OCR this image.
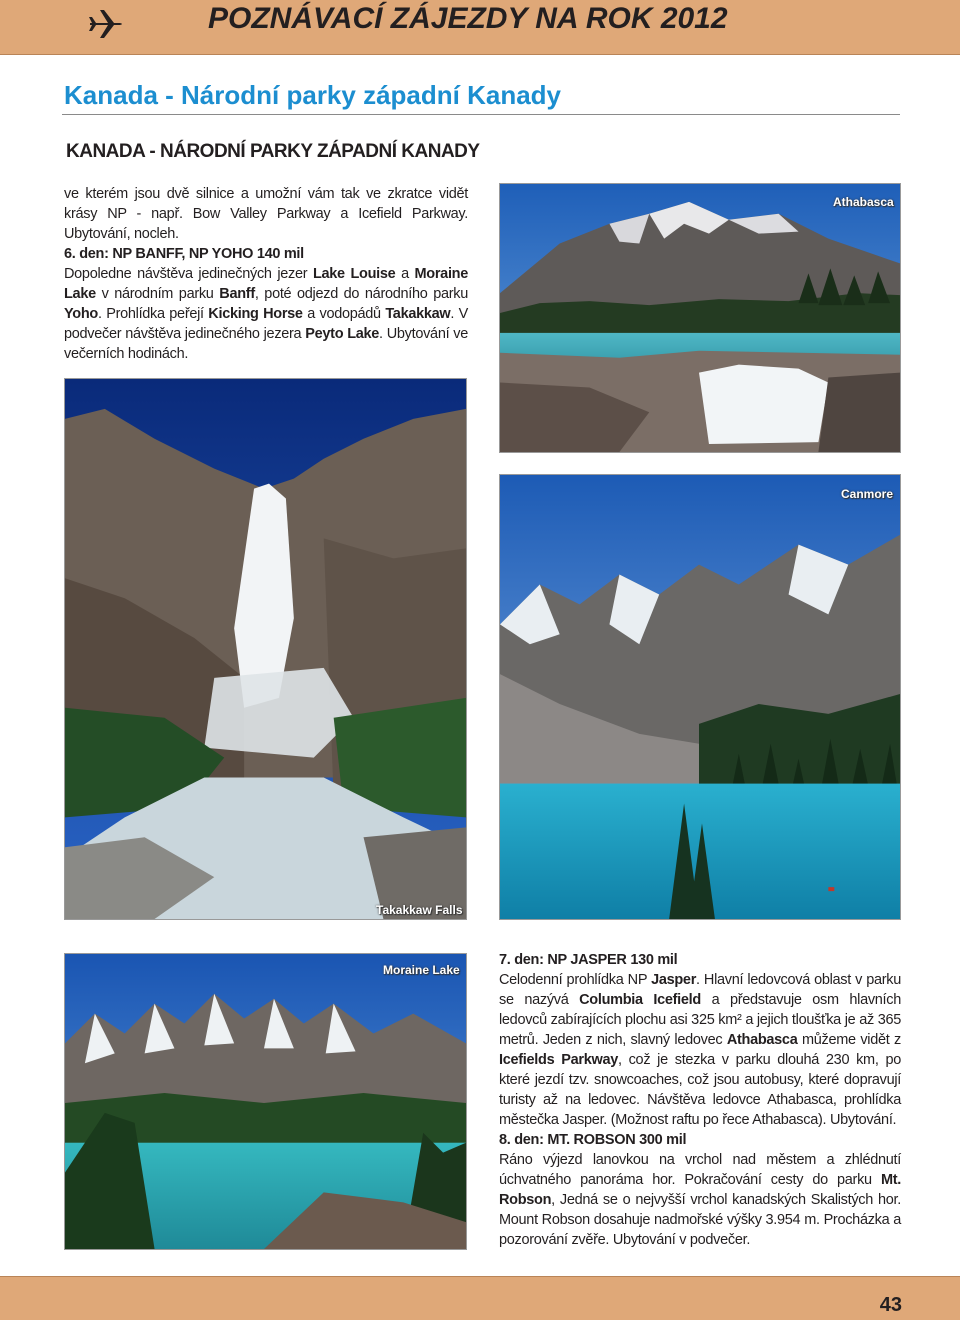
POZNÁVACÍ ZÁJEZDY NA ROK 2012
Kanada - Národní parky západní Kanady
KANADA - NÁRODNÍ PARKY ZÁPADNÍ KANADY

ve kterém jsou dvě silnice a umožní vám tak ve zkratce vidět krásy NP - např. Bow Valley Parkway a Icefield Parkway. Ubytování, nocleh.

6. den: NP BANFF, NP YOHO 140 mil

Dopoledne návštěva jedinečných jezer Lake Louise a Moraine Lake v národním parku Banff, poté odjezd do národního parku Yoho. Prohlídka peřejí Kicking Horse a vodopádů Takakkaw. V podvečer návštěva jedinečného jezera Peyto Lake. Ubytování ve večerních hodinách.

Athabasca
Canmore
Takakkaw Falls
Moraine Lake

7. den: NP JASPER 130 mil

Celodenní prohlídka NP Jasper. Hlavní ledovcová oblast v parku se nazývá Columbia Icefield a představuje osm hlavních ledovců zabírajících plochu asi 325 km² a jejich tloušťka je až 365 metrů. Jeden z nich, slavný ledovec Athabasca můžeme vidět z Icefields Parkway, což je stezka v parku dlouhá 230 km, po které jezdí tzv. snowcoaches, což jsou autobusy, které dopravují turisty až na ledovec. Návštěva ledovce Athabasca, prohlídka městečka Jasper. (Možnost raftu po řece Athabasca). Ubytování.

8. den: MT. ROBSON 300 mil

Ráno výjezd lanovkou na vrchol nad městem a zhlédnutí úchvatného panoráma hor. Pokračování cesty do parku Mt. Robson, Jedná se o nejvyšší vrchol kanadských Skalistých hor. Mount Robson dosahuje nadmořské výšky 3.954 m. Procházka a pozorování zvěře. Ubytování v podvečer.

43
